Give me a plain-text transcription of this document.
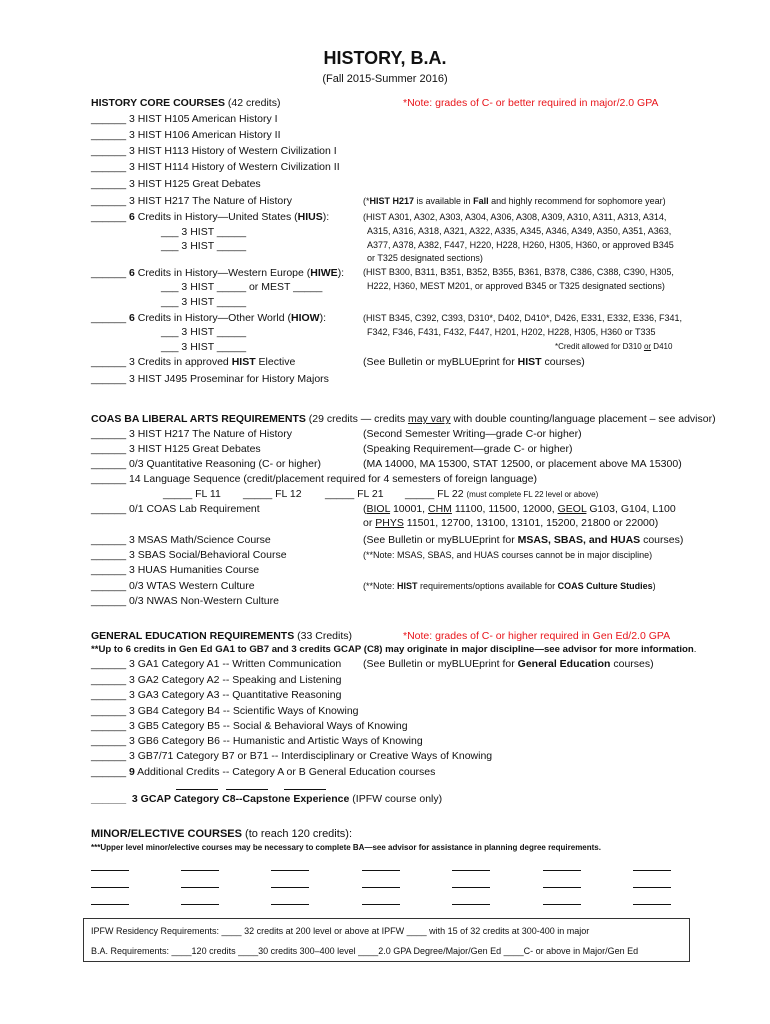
HISTORY, B.A.
(Fall 2015-Summer 2016)
HISTORY CORE COURSES (42 credits)	*Note: grades of C- or better required in major/2.0 GPA
______ 3 HIST H105 American History I
______ 3 HIST H106 American History II
______ 3 HIST H113 History of Western Civilization I
______ 3 HIST H114 History of Western Civilization II
______ 3 HIST H125 Great Debates
______ 3 HIST H217 The Nature of History	(*HIST H217 is available in Fall and highly recommend for sophomore year)
______ 6 Credits in History—United States (HIUS):
___ 3 HIST _____
___ 3 HIST _____
(HIST A301, A302, A303, A304, A306, A308, A309, A310, A311, A313, A314,
A315, A316, A318, A321, A322, A335, A345, A346, A349, A350, A351, A363,
A377, A378, A382, F447, H220, H228, H260, H305, H360, or approved B345
or T325 designated sections)
______ 6 Credits in History—Western Europe (HIWE):
___ 3 HIST _____ or MEST _____
___ 3 HIST _____
(HIST B300, B311, B351, B352, B355, B361, B378, C386, C388, C390, H305,
H222, H360, MEST M201, or approved B345 or T325 designated sections)
______ 6 Credits in History—Other World (HIOW):
___ 3 HIST _____
___ 3 HIST _____
(HIST B345, C392, C393, D310*, D402, D410*, D426, E331, E332, E336, F341,
F342, F346, F431, F432, F447, H201, H202, H228, H305, H360 or T335
*Credit allowed for D310 or D410
______ 3 Credits in approved HIST Elective	(See Bulletin or myBLUEprint for HIST courses)
______ 3 HIST J495 Proseminar for History Majors
COAS BA LIBERAL ARTS REQUIREMENTS (29 credits — credits may vary with double counting/language placement – see advisor)
______ 3 HIST H217 The Nature of History	(Second Semester Writing—grade C-or higher)
______ 3 HIST H125 Great Debates	(Speaking Requirement—grade C- or higher)
______ 0/3 Quantitative Reasoning (C- or higher)	(MA 14000, MA 15300, STAT 12500, or placement above MA 15300)
______ 14 Language Sequence (credit/placement required for 4 semesters of foreign language)
_____ FL 11 _____ FL 12 _____ FL 21 _____ FL 22 (must complete FL 22 level or above)
______ 0/1 COAS Lab Requirement	(BIOL 10001, CHM 11100, 11500, 12000, GEOL G103, G104, L100
or PHYS 11501, 12700, 13100, 13101, 15200, 21800 or 22000)
______ 3 MSAS Math/Science Course	(See Bulletin or myBLUEprint for MSAS, SBAS, and HUAS courses)
______ 3 SBAS Social/Behavioral Course	(**Note: MSAS, SBAS, and HUAS courses cannot be in major discipline)
______ 3 HUAS Humanities Course
______ 0/3 WTAS Western Culture	(**Note: HIST requirements/options available for COAS Culture Studies)
______ 0/3 NWAS Non-Western Culture
GENERAL EDUCATION REQUIREMENTS (33 Credits)	*Note: grades of C- or higher required in Gen Ed/2.0 GPA
**Up to 6 credits in Gen Ed GA1 to GB7 and 3 credits GCAP (C8) may originate in major discipline—see advisor for more information.
______ 3 GA1 Category A1 -- Written Communication (See Bulletin or myBLUEprint for General Education courses)
______ 3 GA2 Category A2 -- Speaking and Listening
______ 3 GA3 Category A3 -- Quantitative Reasoning
______ 3 GB4 Category B4 -- Scientific Ways of Knowing
______ 3 GB5 Category B5 -- Social & Behavioral Ways of Knowing
______ 3 GB6 Category B6 -- Humanistic and Artistic Ways of Knowing
______ 3 GB7/71 Category B7 or B71 -- Interdisciplinary or Creative Ways of Knowing
______ 9 Additional Credits -- Category A or B General Education courses
______ 3 GCAP Category C8--Capstone Experience (IPFW course only)
MINOR/ELECTIVE COURSES (to reach 120 credits):
***Upper level minor/elective courses may be necessary to complete BA—see advisor for assistance in planning degree requirements.
IPFW Residency Requirements: ____ 32 credits at 200 level or above at IPFW ____ with 15 of 32 credits at 300-400 in major
B.A. Requirements: ____120 credits ____30 credits 300–400 level ____2.0 GPA Degree/Major/Gen Ed ____C- or above in Major/Gen Ed
